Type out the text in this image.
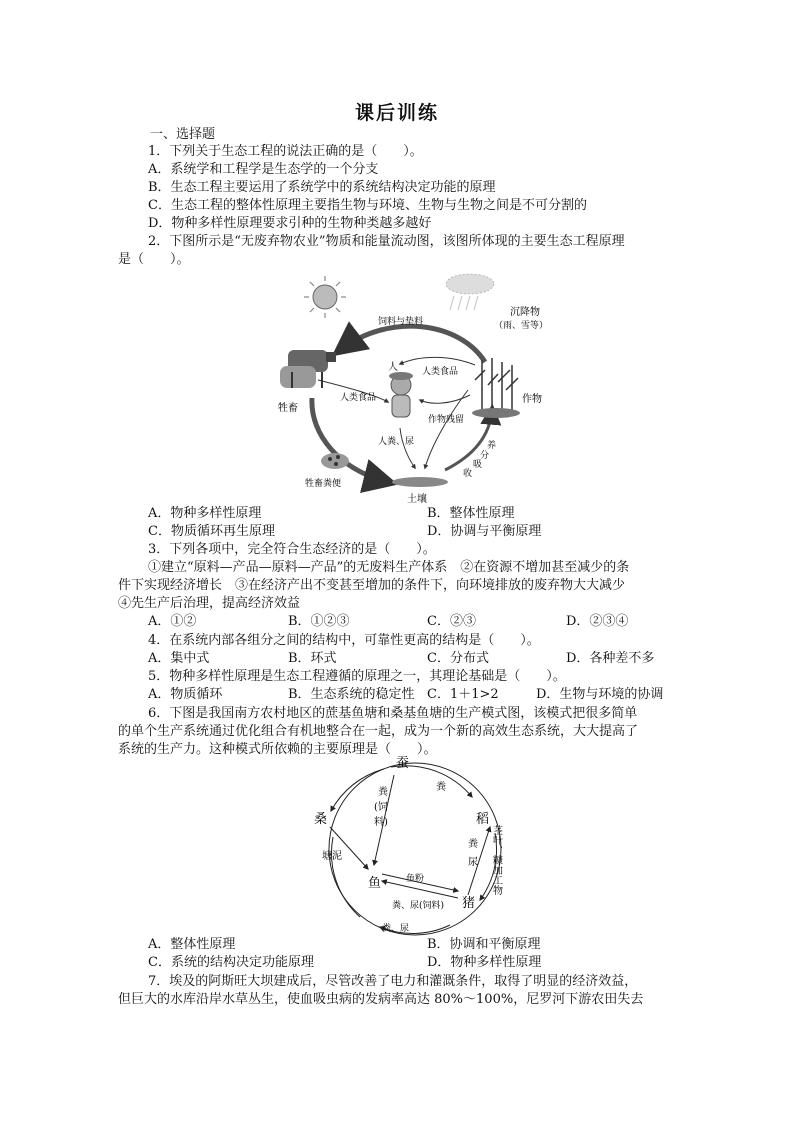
课后训练
一、选择题
1．下列关于生态工程的说法正确的是（　　）。
A．系统学和工程学是生态学的一个分支
B．生态工程主要运用了系统学中的系统结构决定功能的原理
C．生态工程的整体性原理主要指生物与环境、生物与生物之间是不可分割的
D．物种多样性原理要求引种的生物种类越多越好
2．下图所示是“无废弃物农业”物质和能量流动图，该图所体现的主要生态工程原理
是（　　）。
饲料与垫料
沉降物
（雨、雪等）
人	人类食品
人类食品	作物
牲畜
作物残留
人粪、尿	养
分
吸
收
牲畜粪便
土壤
A．物种多样性原理	B．整体性原理
C．物质循环再生原理	D．协调与平衡原理
3．下列各项中，完全符合生态经济的是（　　）。
①建立“原料—产品—原料—产品”的无废料生产体系　②在资源不增加甚至减少的条
件下实现经济增长　③在经济产出不变甚至增加的条件下，向环境排放的废弃物大大减少
④先生产后治理，提高经济效益
A．①②	B．①②③	C．②③	D．②③④
4．在系统内部各组分之间的结构中，可靠性更高的结构是（　　）。
A．集中式	B．环式	C．分布式	D．各种差不多
5．物种多样性原理是生态工程遵循的原理之一，其理论基础是（　　）。
A．物质循环	B．生态系统的稳定性 C．1＋1>2	D．生物与环境的协调
6．下图是我国南方农村地区的蔗基鱼塘和桑基鱼塘的生产模式图，该模式把很多简单
的单个生产系统通过优化组合有机地整合在一起，成为一个新的高效生态系统，大大提高了
系统的生产力。这种模式所依赖的主要原理是（　　）。
蚕
桑	稻
鱼
猪
粪
粪
(饲
料)
塘泥	茎叶、糠加工物
粪
尿
鱼粉
粪、尿(饲料)
粪、尿
A．整体性原理	B．协调和平衡原理
C．系统的结构决定功能原理	D．物种多样性原理
7．埃及的阿斯旺大坝建成后，尽管改善了电力和灌溉条件，取得了明显的经济效益，
但巨大的水库沿岸水草丛生，使血吸虫病的发病率高达 80%～100%，尼罗河下游农田失去
